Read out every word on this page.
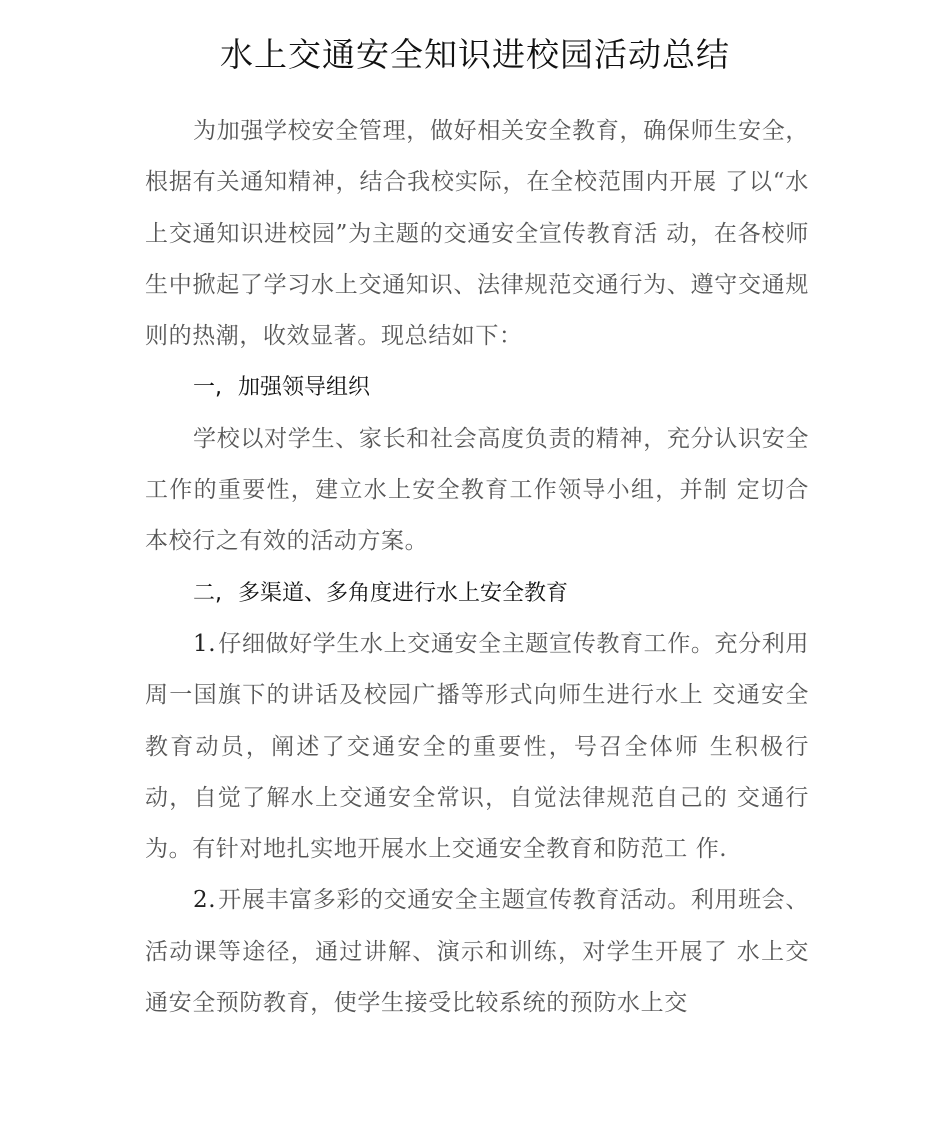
水上交通安全知识进校园活动总结

为加强学校安全管理，做好相关安全教育，确保师生安全，根据有关通知精神，结合我校实际，在全校范围内开展 了以“水上交通知识进校园”为主题的交通安全宣传教育活 动，在各校师生中掀起了学习水上交通知识、法律规范交通行为、遵守交通规则的热潮，收效显著。现总结如下：

一, 加强领导组织

学校以对学生、家长和社会高度负责的精神，充分认识安全工作的重要性，建立水上安全教育工作领导小组，并制 定切合本校行之有效的活动方案。

二, 多渠道、多角度进行水上安全教育

1.仔细做好学生水上交通安全主题宣传教育工作。充分利用周一国旗下的讲话及校园广播等形式向师生进行水上 交通安全教育动员，阐述了交通安全的重要性，号召全体师 生积极行动，自觉了解水上交通安全常识，自觉法律规范自己的 交通行为。有针对地扎实地开展水上交通安全教育和防范工 作.

2.开展丰富多彩的交通安全主题宣传教育活动。利用班会、活动课等途径，通过讲解、演示和训练，对学生开展了 水上交通安全预防教育，使学生接受比较系统的预防水上交
